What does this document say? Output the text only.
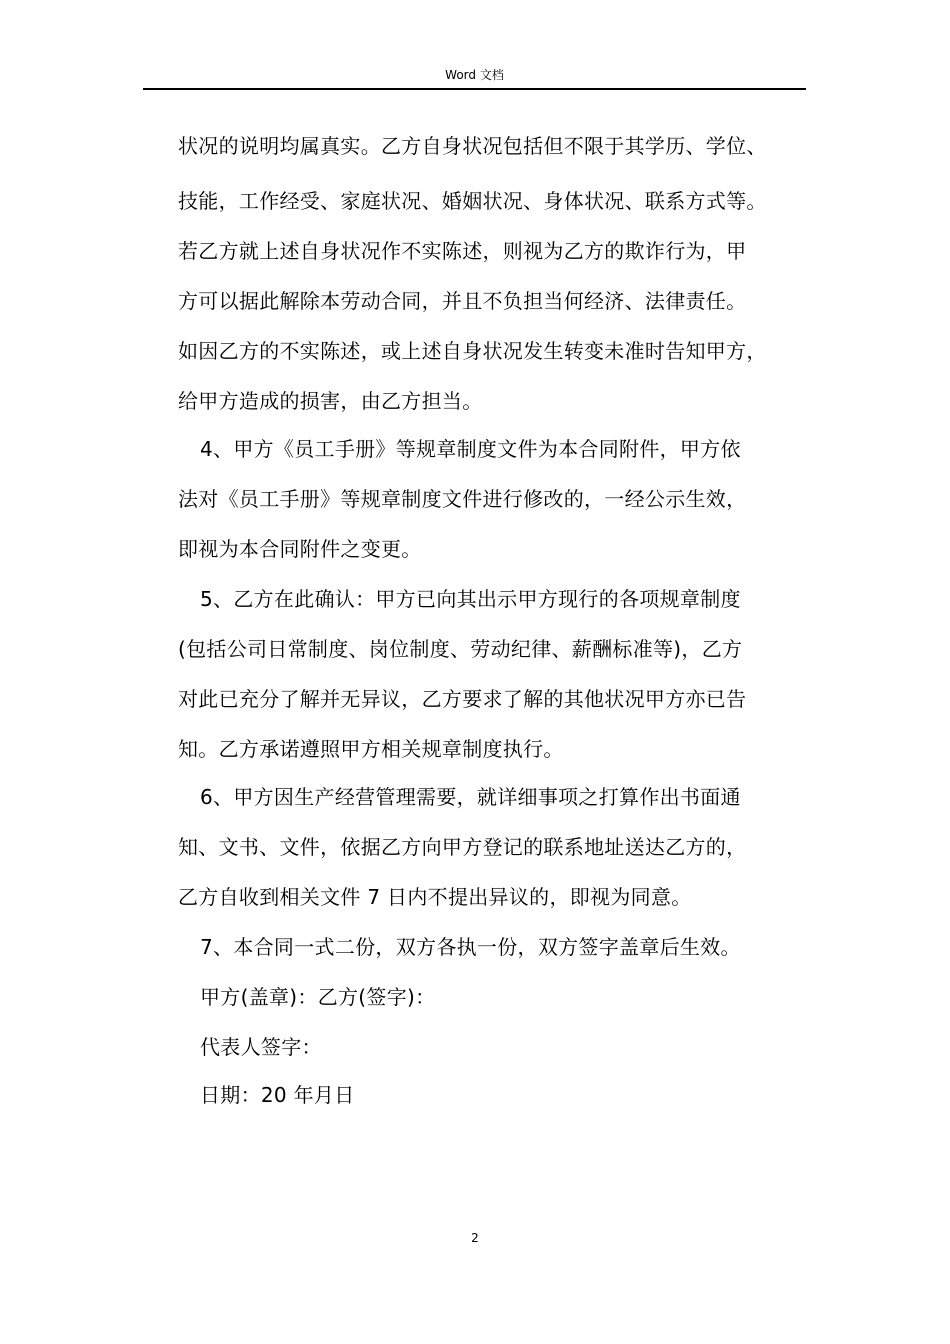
Word 文档
状况的说明均属真实。乙方自身状况包括但不限于其学历、学位、
技能，工作经受、家庭状况、婚姻状况、身体状况、联系方式等。
若乙方就上述自身状况作不实陈述，则视为乙方的欺诈行为，甲
方可以据此解除本劳动合同，并且不负担当何经济、法律责任。
如因乙方的不实陈述，或上述自身状况发生转变未准时告知甲方，
给甲方造成的损害，由乙方担当。
4、甲方《员工手册》等规章制度文件为本合同附件，甲方依
法对《员工手册》等规章制度文件进行修改的，一经公示生效，
即视为本合同附件之变更。
5、乙方在此确认：甲方已向其出示甲方现行的各项规章制度
(包括公司日常制度、岗位制度、劳动纪律、薪酬标准等)，乙方
对此已充分了解并无异议，乙方要求了解的其他状况甲方亦已告
知。乙方承诺遵照甲方相关规章制度执行。
6、甲方因生产经营管理需要，就详细事项之打算作出书面通
知、文书、文件，依据乙方向甲方登记的联系地址送达乙方的，
乙方自收到相关文件 7 日内不提出异议的，即视为同意。
7、本合同一式二份，双方各执一份，双方签字盖章后生效。
甲方(盖章)：乙方(签字)：
代表人签字：
日期：20 年月日
2
